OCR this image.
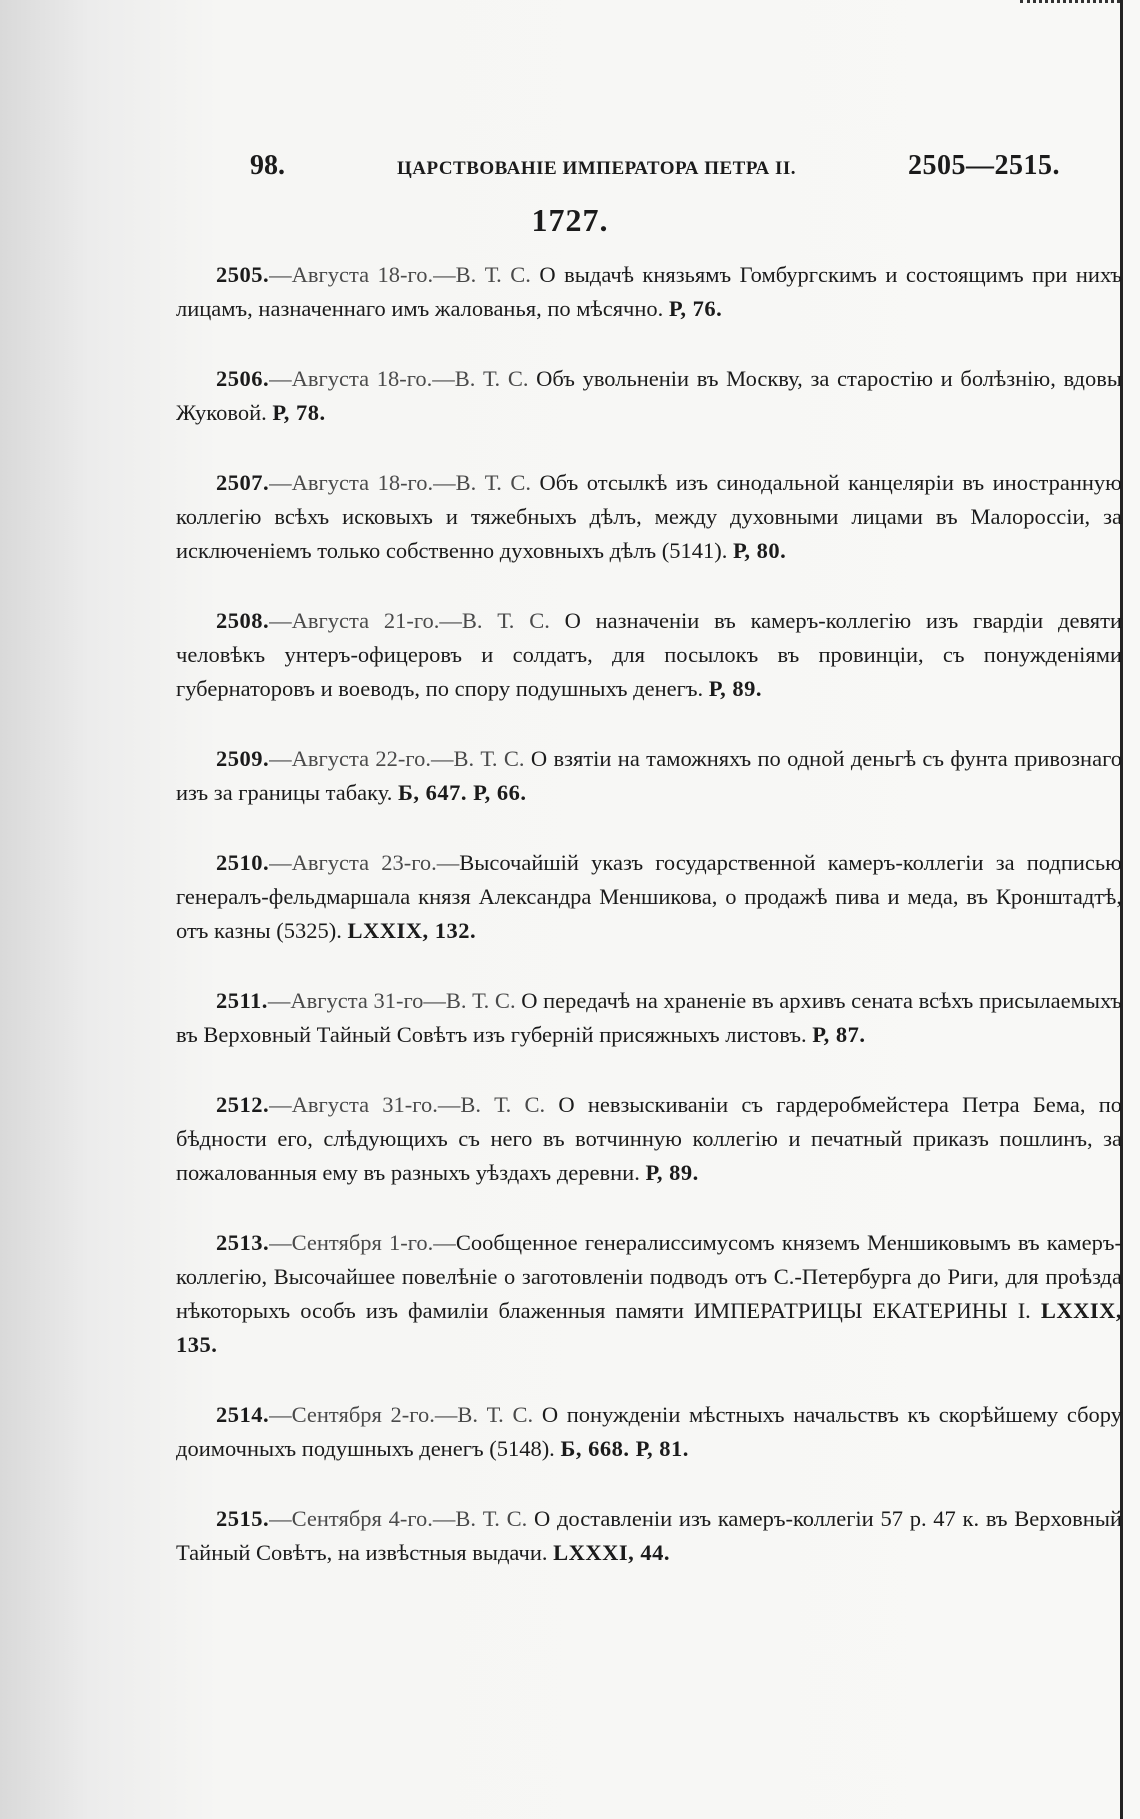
98.	ЦАРСТВОВАНІЕ ИМПЕРАТОРА ПЕТРА II.	2505—2515.
1727.

2505.—Августа 18-го.—В. Т. С. О выдачѣ князьямъ Гомбургскимъ и состоящимъ при нихъ лицамъ, назначеннаго имъ жалованья, по мѣсячно. Р, 76.

2506.—Августа 18-го.—В. Т. С. Объ увольненіи въ Москву, за старостію и болѣзнію, вдовы Жуковой. Р, 78.

2507.—Августа 18-го.—В. Т. С. Объ отсылкѣ изъ синодальной канцеляріи въ иностранную коллегію всѣхъ исковыхъ и тяжебныхъ дѣлъ, между духовными лицами въ Малороссіи, за исключеніемъ только собственно духовныхъ дѣлъ (5141). Р, 80.

2508.—Августа 21-го.—В. Т. С. О назначеніи въ камеръ-коллегію изъ гвардіи девяти человѣкъ унтеръ-офицеровъ и солдатъ, для посылокъ въ провинціи, съ понужденіями губернаторовъ и воеводъ, по спору подушныхъ денегъ. Р, 89.

2509.—Августа 22-го.—В. Т. С. О взятіи на таможняхъ по одной деньгѣ съ фунта привознаго изъ за границы табаку. Б, 647. Р, 66.

2510.—Августа 23-го.—Высочайшій указъ государственной камеръ-коллегіи за подписью генералъ-фельдмаршала князя Александра Меншикова, о продажѣ пива и меда, въ Кронштадтѣ, отъ казны (5325). LXXIX, 132.

2511.—Августа 31-го—В. Т. С. О передачѣ на храненіе въ архивъ сената всѣхъ присылаемыхъ въ Верховный Тайный Совѣтъ изъ губерній присяжныхъ листовъ. Р, 87.

2512.—Августа 31-го.—В. Т. С. О невзыскиваніи съ гардеробмейстера Петра Бема, по бѣдности его, слѣдующихъ съ него въ вотчинную коллегію и печатный приказъ пошлинъ, за пожалованныя ему въ разныхъ уѣздахъ деревни. Р, 89.

2513.—Сентября 1-го.—Сообщенное генералиссимусомъ княземъ Меншиковымъ въ камеръ-коллегію, Высочайшее повелѣніе о заготовленіи подводъ отъ С.-Петербурга до Риги, для проѣзда нѣкоторыхъ особъ изъ фамиліи блаженныя памяти ИМПЕРАТРИЦЫ ЕКАТЕРИНЫ I. LXXIX, 135.

2514.—Сентября 2-го.—В. Т. С. О понужденіи мѣстныхъ начальствъ къ скорѣйшему сбору доимочныхъ подушныхъ денегъ (5148). Б, 668. Р, 81.

2515.—Сентября 4-го.—В. Т. С. О доставленіи изъ камеръ-коллегіи 57 р. 47 к. въ Верховный Тайный Совѣтъ, на извѣстныя выдачи. LXXXI, 44.
